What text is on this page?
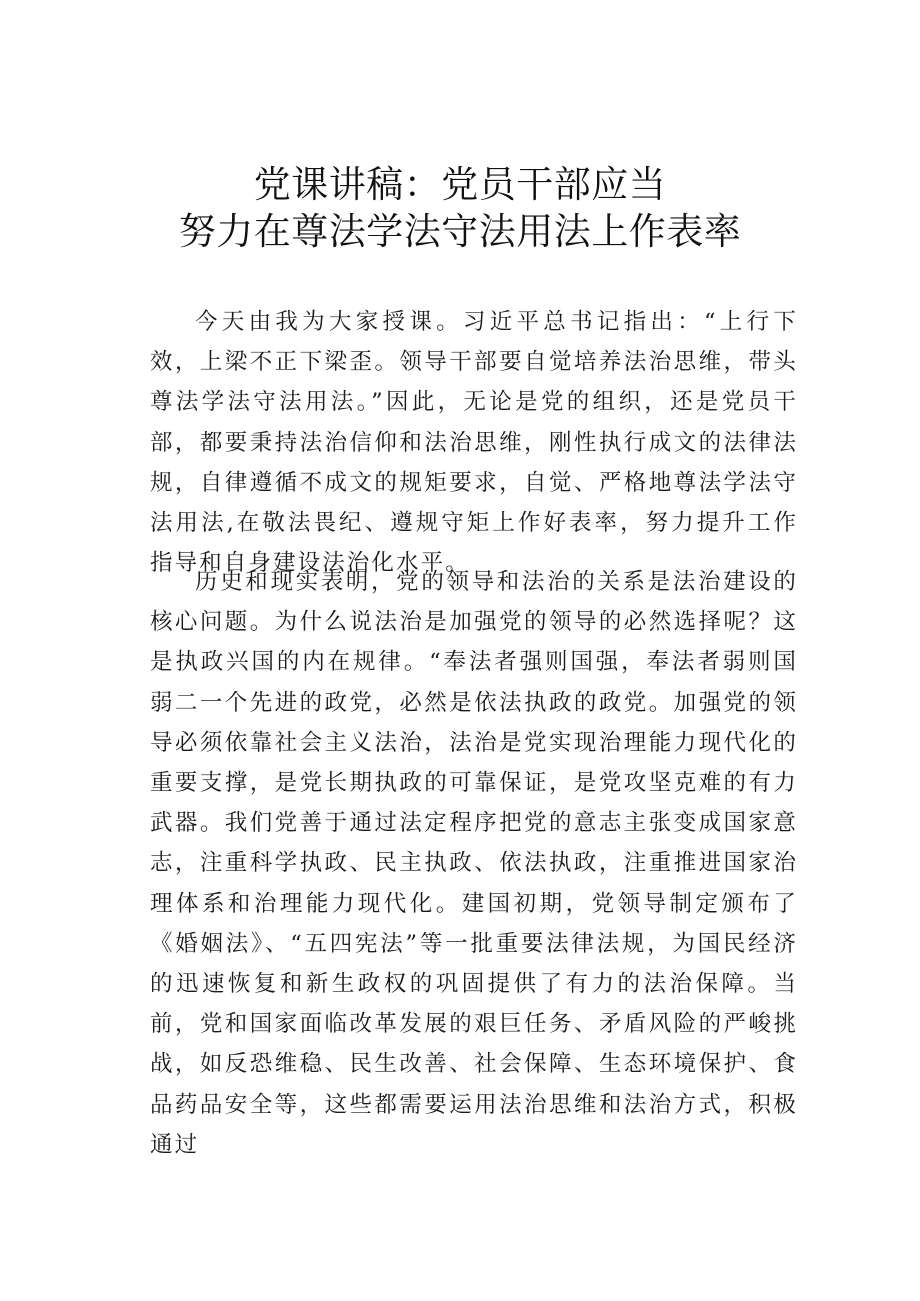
党课讲稿：党员干部应当
努力在尊法学法守法用法上作表率

今天由我为大家授课。习近平总书记指出：“上行下效，上梁不正下梁歪。领导干部要自觉培养法治思维，带头尊法学法守法用法。”因此，无论是党的组织，还是党员干部，都要秉持法治信仰和法治思维，刚性执行成文的法律法规，自律遵循不成文的规矩要求，自觉、严格地尊法学法守法用法,在敬法畏纪、遵规守矩上作好表率，努力提升工作指导和自身建设法治化水平。

历史和现实表明，党的领导和法治的关系是法治建设的核心问题。为什么说法治是加强党的领导的必然选择呢？这是执政兴国的内在规律。“奉法者强则国强，奉法者弱则国弱二一个先进的政党，必然是依法执政的政党。加强党的领导必须依靠社会主义法治，法治是党实现治理能力现代化的重要支撑，是党长期执政的可靠保证，是党攻坚克难的有力武器。我们党善于通过法定程序把党的意志主张变成国家意志，注重科学执政、民主执政、依法执政，注重推进国家治理体系和治理能力现代化。建国初期，党领导制定颁布了《婚姻法》、“五四宪法”等一批重要法律法规，为国民经济的迅速恢复和新生政权的巩固提供了有力的法治保障。当前，党和国家面临改革发展的艰巨任务、矛盾风险的严峻挑战，如反恐维稳、民生改善、社会保障、生态环境保护、食品药品安全等，这些都需要运用法治思维和法治方式，积极通过
